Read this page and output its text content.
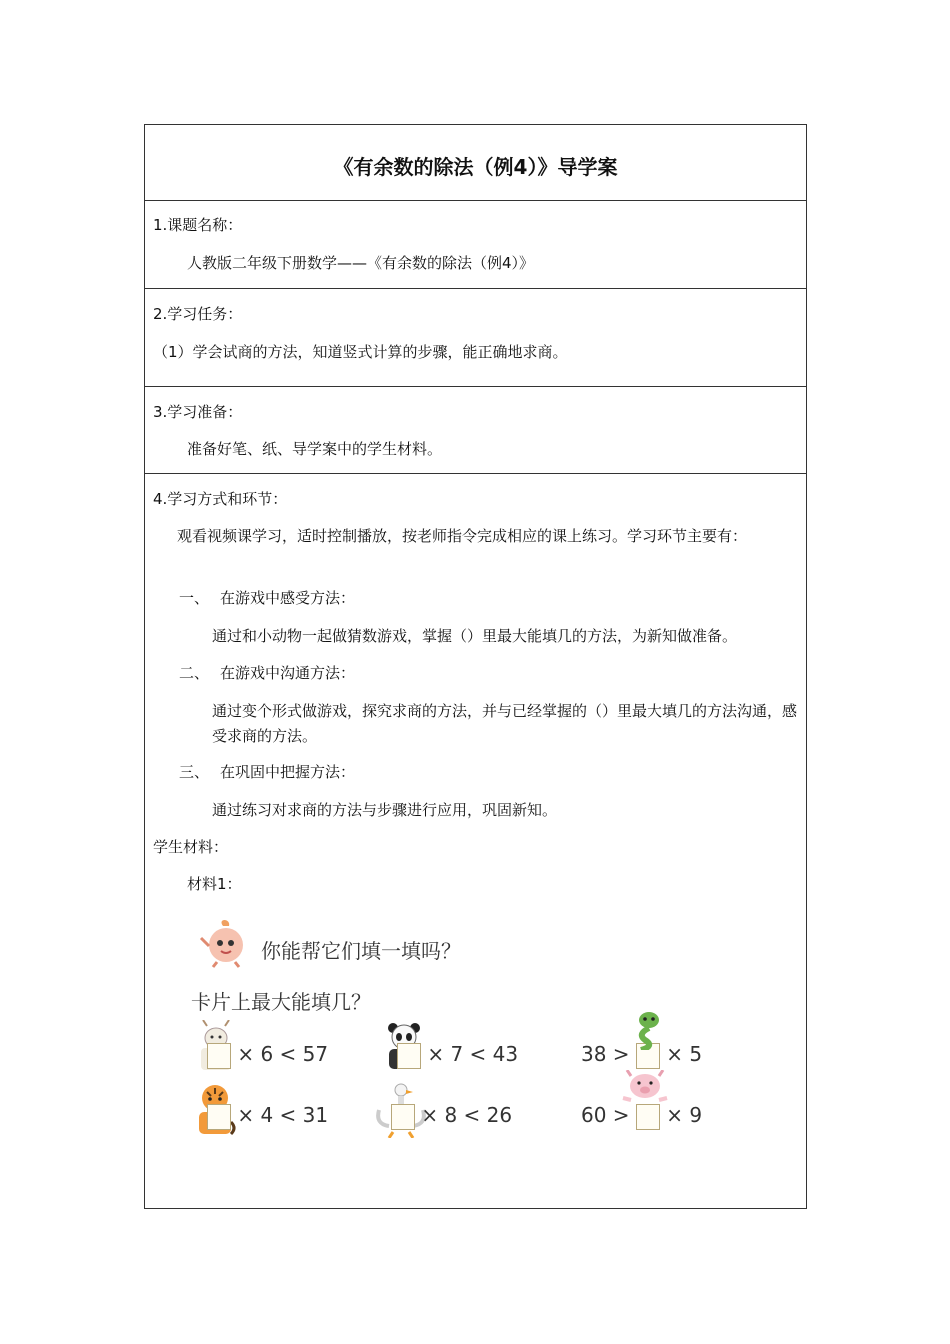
《有余数的除法（例4）》导学案
1.课题名称：
人教版二年级下册数学——《有余数的除法（例4）》
2.学习任务：
（1）学会试商的方法，知道竖式计算的步骤，能正确地求商。
3.学习准备：
准备好笔、纸、导学案中的学生材料。
4.学习方式和环节：
观看视频课学习，适时控制播放，按老师指令完成相应的课上练习。学习环节主要有：
一、 在游戏中感受方法：
通过和小动物一起做猜数游戏，掌握（）里最大能填几的方法，为新知做准备。
二、 在游戏中沟通方法：
通过变个形式做游戏，探究求商的方法，并与已经掌握的（）里最大填几的方法沟通，感受求商的方法。
三、 在巩固中把握方法：
通过练习对求商的方法与步骤进行应用，巩固新知。
学生材料：
材料1：
你能帮它们填一填吗？
卡片上最大能填几？
× 6 < 57	× 7 < 43	38 > × 5
× 4 < 31	× 8 < 26	60 > × 9
